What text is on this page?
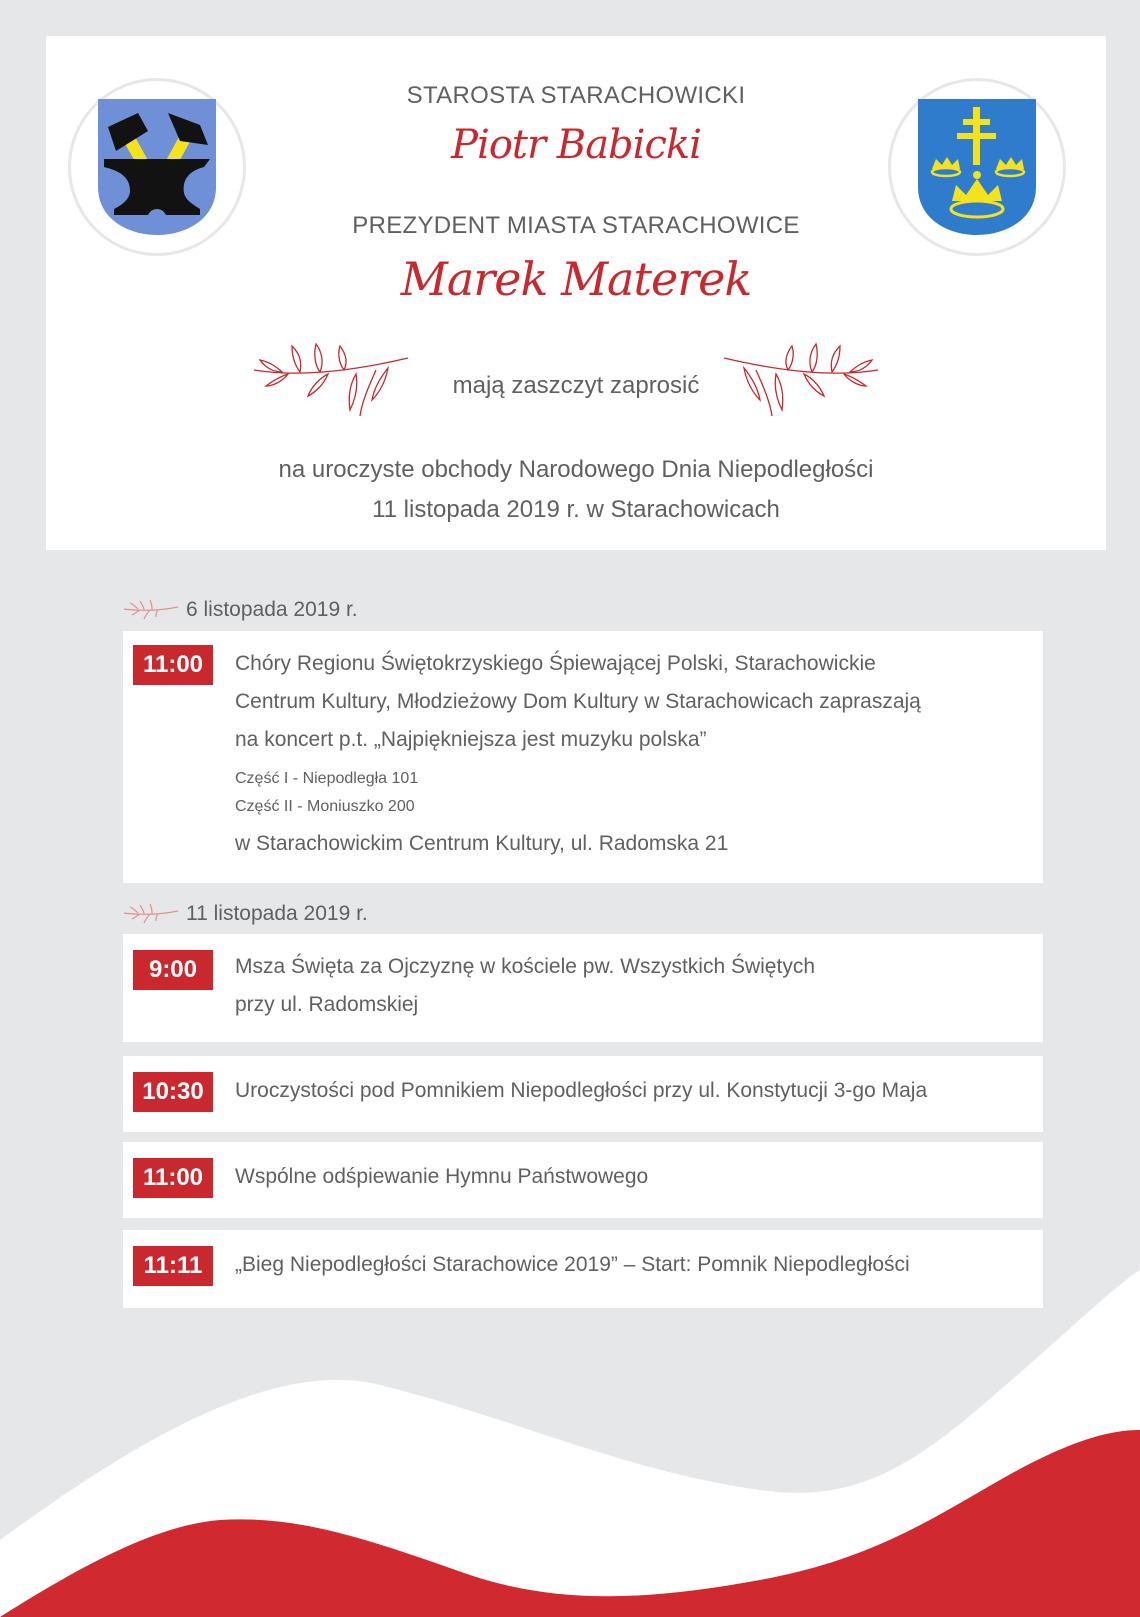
STAROSTA STARACHOWICKI
Piotr Babicki
PREZYDENT MIASTA STARACHOWICE
Marek Materek
mają zaszczyt zaprosić
na uroczyste obchody Narodowego Dnia Niepodległości
11 listopada 2019 r. w Starachowicach
6 listopada 2019 r.
11:00	Chóry Regionu Świętokrzyskiego Śpiewającej Polski, Starachowickie
Centrum Kultury, Młodzieżowy Dom Kultury w Starachowicach zapraszają
na koncert p.t. „Najpiękniejsza jest muzyku polska”
Część I - Niepodległa 101
Część II - Moniuszko 200
w Starachowickim Centrum Kultury, ul. Radomska 21
11 listopada 2019 r.
9:00	Msza Święta za Ojczyznę w kościele pw. Wszystkich Świętych
przy ul. Radomskiej
10:30	Uroczystości pod Pomnikiem Niepodległości przy ul. Konstytucji 3-go Maja
11:00	Wspólne odśpiewanie Hymnu Państwowego
11:11	„Bieg Niepodległości Starachowice 2019” – Start: Pomnik Niepodległości
